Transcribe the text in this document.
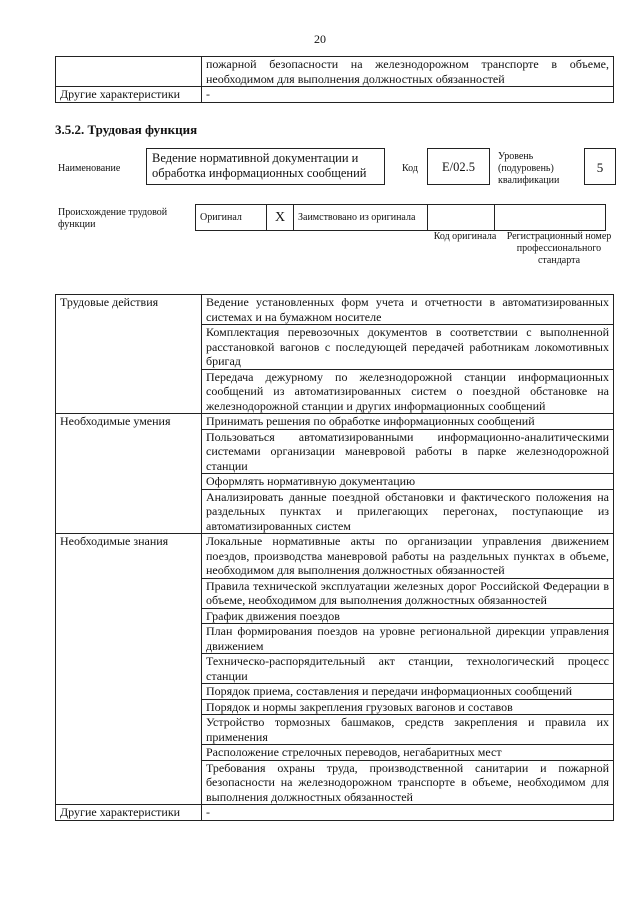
20
	пожарной безопасности на железнодорожном транспорте в объеме, необходимом для выполнения должностных обязанностей
Другие характеристики	-
3.5.2. Трудовая функция
Наименование
Ведение нормативной документации и обработка информационных сообщений	Код	E/02.5
Уровень (подуровень) квалификации
5
Происхождение трудовой функции
Оригинал	X	Заимствовано из оригинала		
Код оригинала	Регистрационный номер профессионального стандарта
Трудовые действия	Ведение установленных форм учета и отчетности в автоматизированных системах и на бумажном носителе
	Комплектация перевозочных документов в соответствии с выполненной расстановкой вагонов с последующей передачей работникам локомотивных бригад
	Передача дежурному по железнодорожной станции информационных сообщений из автоматизированных систем о поездной обстановке на железнодорожной станции и других информационных сообщений
Необходимые умения	Принимать решения по обработке информационных сообщений
	Пользоваться автоматизированными информационно-аналитическими системами организации маневровой работы в парке железнодорожной станции
	Оформлять нормативную документацию
	Анализировать данные поездной обстановки и фактического положения на раздельных пунктах и прилегающих перегонах, поступающие из автоматизированных систем
Необходимые знания	Локальные нормативные акты по организации управления движением поездов, производства маневровой работы на раздельных пунктах в объеме, необходимом для выполнения должностных обязанностей
	Правила технической эксплуатации железных дорог Российской Федерации в объеме, необходимом для выполнения должностных обязанностей
	График движения поездов
	План формирования поездов на уровне региональной дирекции управления движением
	Техническо-распорядительный акт станции, технологический процесс станции
	Порядок приема, составления и передачи информационных сообщений
	Порядок и нормы закрепления грузовых вагонов и составов
	Устройство тормозных башмаков, средств закрепления и правила их применения
	Расположение стрелочных переводов, негабаритных мест
	Требования охраны труда, производственной санитарии и пожарной безопасности на железнодорожном транспорте в объеме, необходимом для выполнения должностных обязанностей
Другие характеристики	-
